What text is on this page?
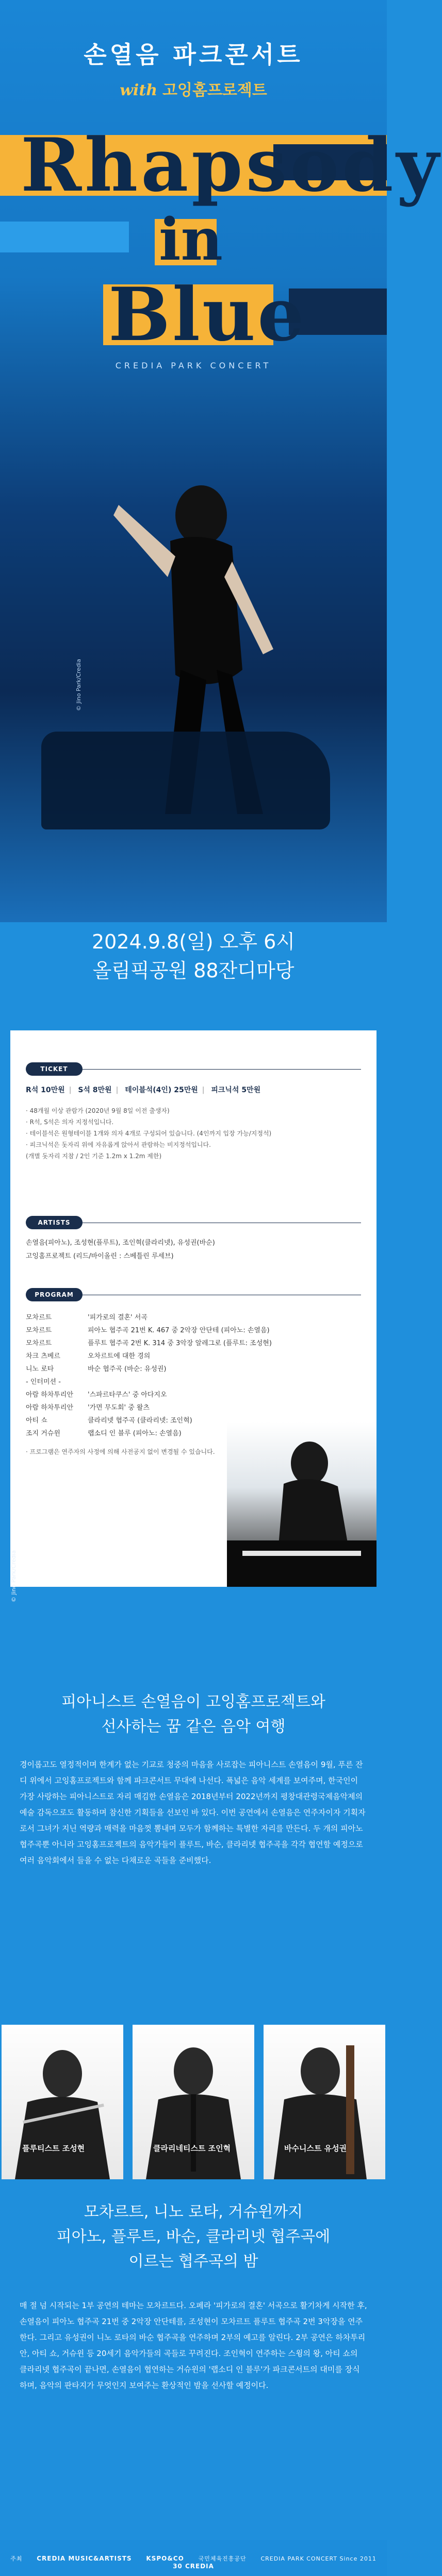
손열음 파크콘서트
with 고잉홈프로젝트
Rhapsody
in
Blue
CREDIA PARK CONCERT
© Jino Park/Credia
2024.9.8(일) 오후 6시
올림픽공원 88잔디마당
TICKET
R석 10만원 | S석 8만원 | 테이블석(4인) 25만원 | 피크닉석 5만원
· 48개월 이상 관람가 (2020년 9월 8일 이전 출생자)
· R석, S석은 의자 지정석입니다.
· 테이블석은 원형테이블 1개와 의자 4개로 구성되어 있습니다. (4인까지 입장 가능/지정석)
· 피크닉석은 돗자리 위에 자유롭게 앉아서 관람하는 비지정석입니다.
(개별 돗자리 지참 / 2인 기준 1.2m x 1.2m 제한)
ARTISTS
손열음(피아노), 조성현(플루트), 조인혁(클라리넷), 유성권(바순)
고잉홈프로젝트 (리드/바이올린 : 스베틀린 루세브)
PROGRAM
모차르트	'피가로의 결혼' 서곡
모차르트	피아노 협주곡 21번 K. 467 중 2악장 안단테 (피아노: 손열음)
모차르트	플루트 협주곡 2번 K. 314 중 3악장 알레그로 (플루트: 조성현)
차크 츠베르	오차르트에 대한 경의
니노 로타	바순 협주곡 (바순: 유성권)
- 인터미션 -
아람 하차투리안	'스파르타쿠스' 중 아다지오
아람 하차투리안	'가면 무도회' 중 왈츠
아티 쇼	클라리넷 협주곡 (클라리넷: 조인혁)
조지 거슈윈	랩소디 인 블루 (피아노: 손열음)
· 프로그램은 연주자의 사정에 의해 사전공지 없이 변경될 수 있습니다.
© Jino Park/Credia
피아니스트 손열음이 고잉홈프로젝트와
선사하는 꿈 같은 음악 여행
경이롭고도 열정적이며 한계가 없는 기교로 청중의 마음을 사로잡는 피아니스트 손열음이 9월, 푸른 잔디 위에서 고잉홈프로젝트와 함께 파크콘서트 무대에 나선다. 폭넓은 음악 세계를 보여주며, 한국인이 가장 사랑하는 피아니스트로 자리 매김한 손열음은 2018년부터 2022년까지 평창대관령국제음악제의 예술 감독으로도 활동하며 참신한 기획들을 선보인 바 있다. 이번 공연에서 손열음은 연주자이자 기획자로서 그녀가 지닌 역량과 매력을 마음껏 뽐내며 모두가 함께하는 특별한 자리를 만든다. 두 개의 피아노 협주곡뿐 아니라 고잉홈프로젝트의 음악가들이 플루트, 바순, 클라리넷 협주곡을 각각 협연할 예정으로 여러 음악회에서 들을 수 없는 다채로운 곡들을 준비했다.
플루티스트 조성현	클라리네티스트 조인혁	바수니스트 유성권
모차르트, 니노 로타, 거슈윈까지
피아노, 플루트, 바순, 클라리넷 협주곡에
이르는 협주곡의 밤
매 절 넘 시작되는 1부 공연의 테마는 모차르트다. 오페라 '피가로의 결혼' 서곡으로 활기차게 시작한 후, 손열음이 피아노 협주곡 21번 중 2악장 안단테를, 조성현이 모차르트 플루트 협주곡 2번 3악장을 연주한다. 그리고 유성권이 니노 로타의 바순 협주곡을 연주하며 2부의 예고를 알린다. 2부 공연은 하차투리안, 아티 쇼, 거슈윈 등 20세기 음악가들의 곡들로 꾸려진다. 조인혁이 연주하는 스윙의 왕, 아티 쇼의 클라리넷 협주곡이 끝나면, 손열음이 협연하는 거슈윈의 '랩소디 인 블루'가 파크콘서트의 대미를 장식하며, 음악의 판타지가 무엇인지 보여주는 환상적인 밤을 선사할 예정이다.
주최 CREDIA MUSIC&ARTISTS KSPO&CO	국민체육진흥공단	CREDIA PARK CONCERT Since 2011 30 CREDIA
